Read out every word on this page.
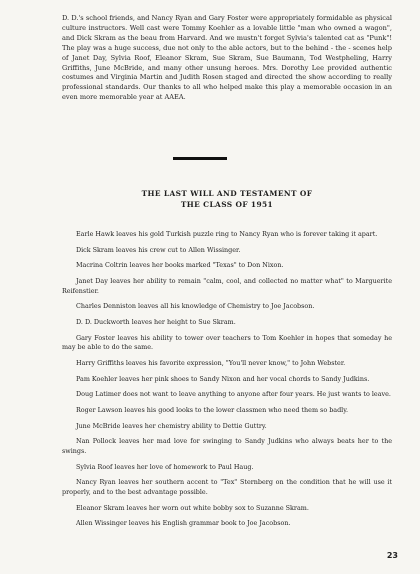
D. D.'s school friends, and Nancy Ryan and Gary Foster were appropriately formidable as physical culture instructors. Well cast were Tommy Koehler as a lovable little "man who owned a wagon", and Dick Skram as the beau from Harvard. And we mustn't forget Sylvia's talented cat as "Punk"! The play was a huge success, due not only to the able actors, but to the behind - the - scenes help of Janet Day, Sylvia Roof, Eleanor Skram, Sue Skram, Sue Baumann, Tod Westpheling, Harry Griffiths, June McBride, and many other unsung heroes. Mrs. Dorothy Lee provided authentic costumes and Virginia Martin and Judith Rosen staged and directed the show according to really professional standards. Our thanks to all who helped make this play a memorable occasion in an even more memorable year at AAEA.

THE LAST WILL AND TESTAMENT OF
THE CLASS OF 1951
Earle Hawk leaves his gold Turkish puzzle ring to Nancy Ryan who is forever taking it apart.
Dick Skram leaves his crew cut to Allen Wissinger.
Macrina Coltrin leaves her books marked "Texas" to Don Nixon.
Janet Day leaves her ability to remain "calm, cool, and collected no matter what" to Marguerite Reifenstier.
Charles Denniston leaves all his knowledge of Chemistry to Joe Jacobson.
D. D. Duckworth leaves her height to Sue Skram.
Gary Foster leaves his ability to tower over teachers to Tom Koehler in hopes that someday he may be able to do the same.
Harry Griffiths leaves his favorite expression, "You'll never know," to John Webster.
Pam Koehler leaves her pink shoes to Sandy Nixon and her vocal chords to Sandy Judkins.
Doug Latimer does not want to leave anything to anyone after four years. He just wants to leave.
Roger Lawson leaves his good looks to the lower classmen who need them so badly.
June McBride leaves her chemistry ability to Dettie Guttry.
Nan Pollock leaves her mad love for swinging to Sandy Judkins who always beats her to the swings.
Sylvia Roof leaves her love of homework to Paul Haug.
Nancy Ryan leaves her southern accent to "Tex" Sternberg on the condition that he will use it properly, and to the best advantage possible.
Eleanor Skram leaves her worn out white bobby sox to Suzanne Skram.
Allen Wissinger leaves his English grammar book to Joe Jacobson.
23
